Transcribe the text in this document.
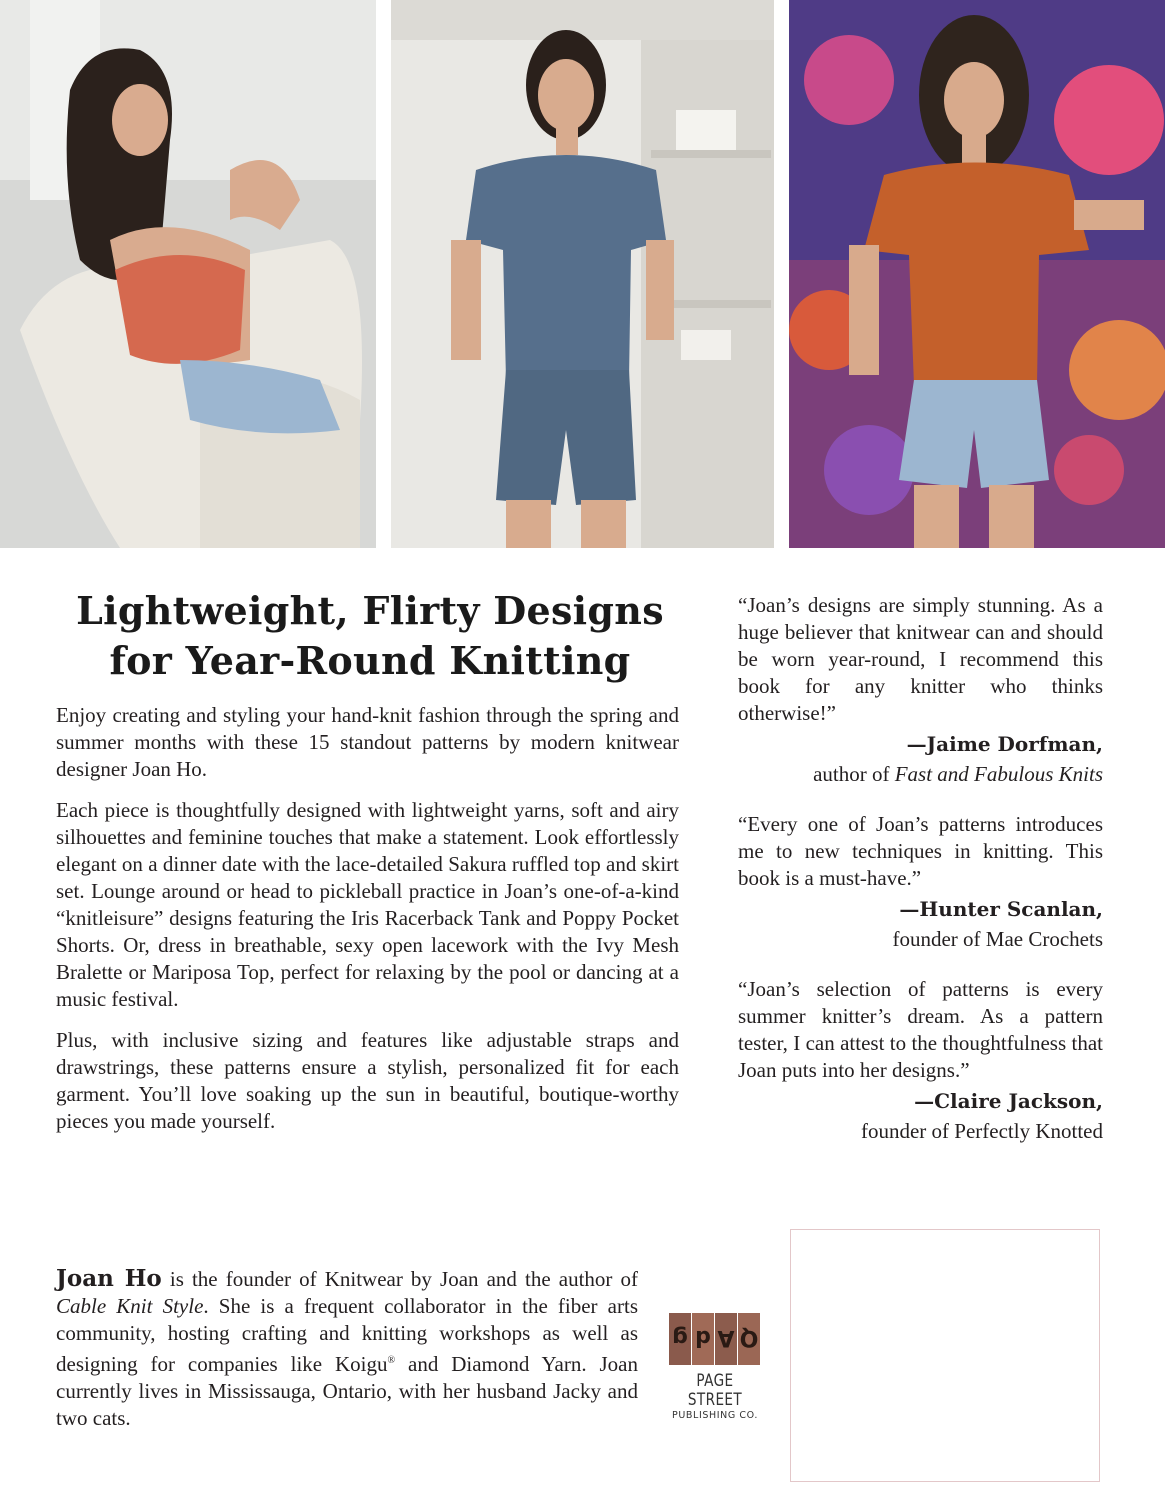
Lightweight, Flirty Designs
for Year-Round Knitting

Enjoy creating and styling your hand-knit fashion through the spring and summer months with these 15 standout patterns by modern knitwear designer Joan Ho.

Each piece is thoughtfully designed with lightweight yarns, soft and airy silhouettes and feminine touches that make a statement. Look effortlessly elegant on a dinner date with the lace-detailed Sakura ruffled top and skirt set. Lounge around or head to pickleball practice in Joan’s one-of-a-kind “knitleisure” designs featuring the Iris Racerback Tank and Poppy Pocket Shorts. Or, dress in breathable, sexy open lacework with the Ivy Mesh Bralette or Mariposa Top, perfect for relaxing by the pool or dancing at a music festival.

Plus, with inclusive sizing and features like adjustable straps and drawstrings, these patterns ensure a stylish, personalized fit for each garment. You’ll love soaking up the sun in beautiful, boutique-worthy pieces you made yourself.

Joan Ho is the founder of Knitwear by Joan and the author of Cable Knit Style. She is a frequent collaborator in the fiber arts community, hosting crafting and knitting workshops as well as designing for companies like Koigu® and Diamond Yarn. Joan currently lives in Mississauga, Ontario, with her husband Jacky and two cats.

“Joan’s designs are simply stunning. As a huge believer that knitwear can and should be worn year-round, I recommend this book for any knitter who thinks otherwise!”

—Jaime Dorfman,

author of Fast and Fabulous Knits

“Every one of Joan’s patterns introduces me to new techniques in knitting. This book is a must-have.”

—Hunter Scanlan,

founder of Mae Crochets

“Joan’s selection of patterns is every summer knitter’s dream. As a pattern tester, I can attest to the thoughtfulness that Joan puts into her designs.”

—Claire Jackson,

founder of Perfectly Knotted

g d A Q
PAGE STREET
PUBLISHING CO.
